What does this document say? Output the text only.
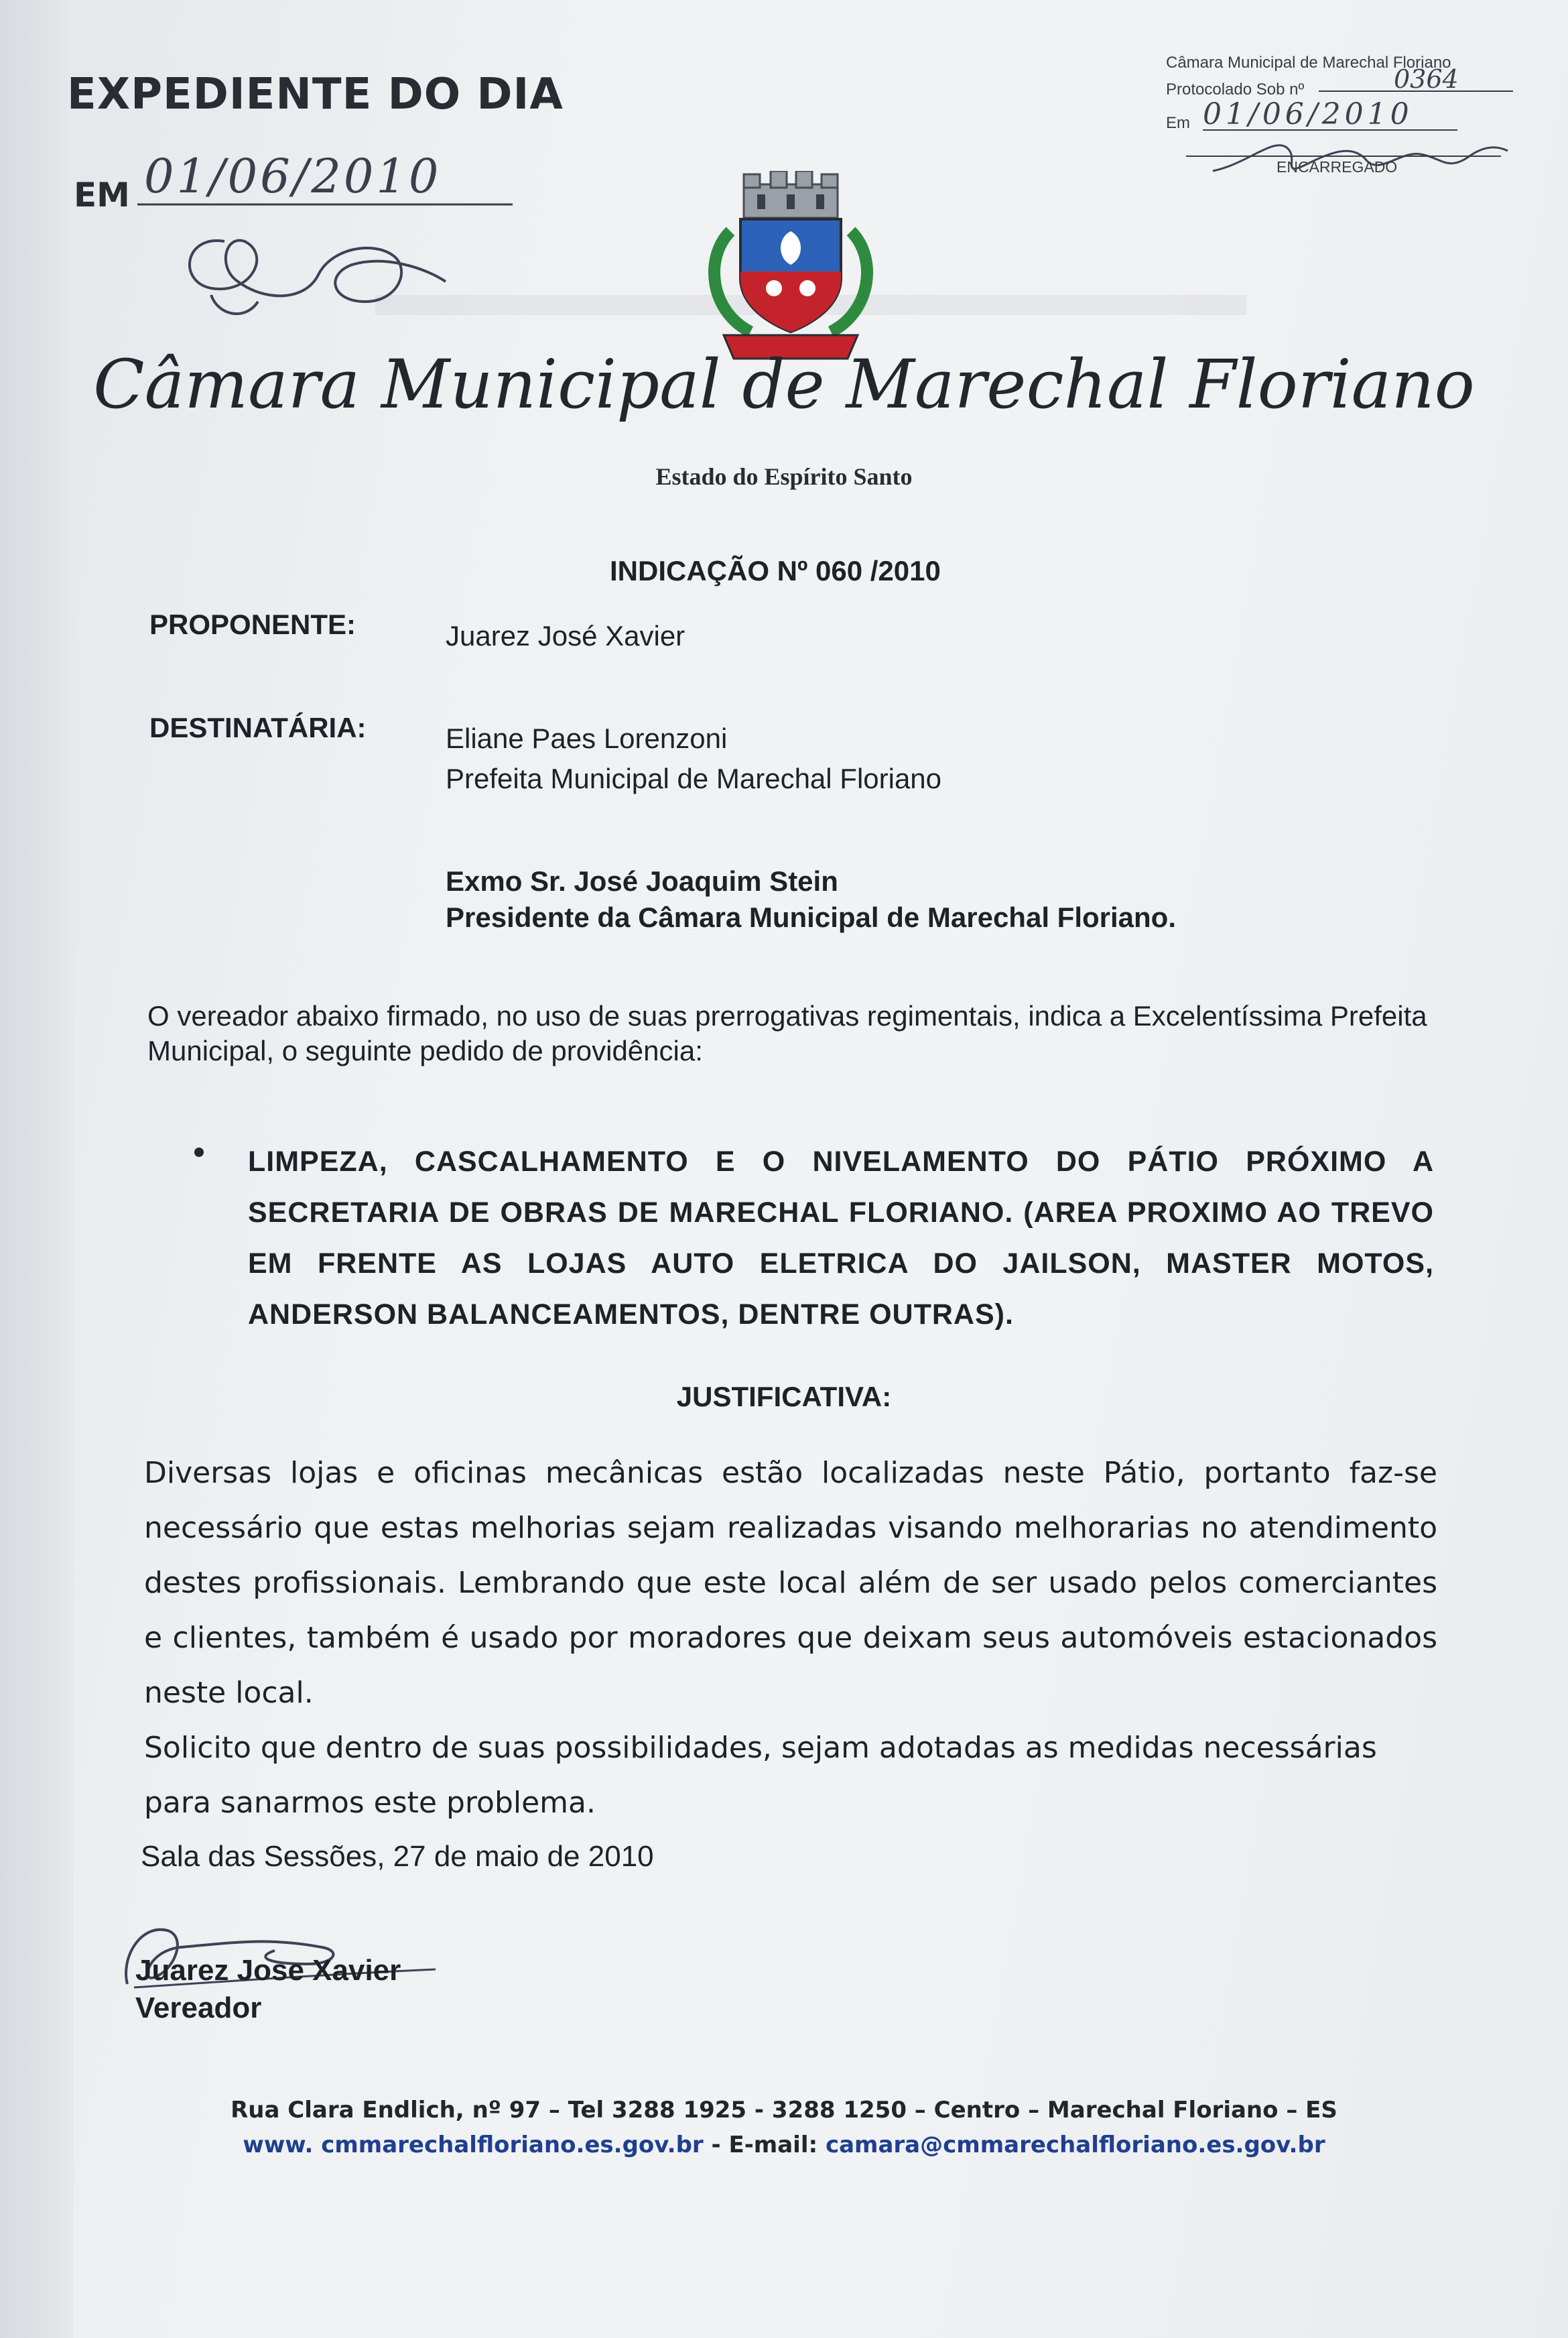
EXPEDIENTE DO DIA
EM 01/06/2010
Câmara Municipal de Marechal Floriano
Protocolado Sob nº	0364
Em 01/06/2010
ENCARREGADO
Câmara Municipal de Marechal Floriano
Estado do Espírito Santo
INDICAÇÃO Nº 060 /2010
PROPONENTE:	Juarez José Xavier
DESTINATÁRIA:	Eliane Paes Lorenzoni
Prefeita Municipal de Marechal Floriano
Exmo Sr. José Joaquim Stein
Presidente da Câmara Municipal de Marechal Floriano.
O vereador abaixo firmado, no uso de suas prerrogativas regimentais, indica a Excelentíssima Prefeita Municipal, o seguinte pedido de providência:
LIMPEZA, CASCALHAMENTO E O NIVELAMENTO DO PÁTIO PRÓXIMO A SECRETARIA DE OBRAS DE MARECHAL FLORIANO. (AREA PROXIMO AO TREVO EM FRENTE AS LOJAS AUTO ELETRICA DO JAILSON, MASTER MOTOS, ANDERSON BALANCEAMENTOS, DENTRE OUTRAS).
JUSTIFICATIVA:

Diversas lojas e oficinas mecânicas estão localizadas neste Pátio, portanto faz-se necessário que estas melhorias sejam realizadas visando melhorarias no atendimento destes profissionais. Lembrando que este local além de ser usado pelos comerciantes e clientes, também é usado por moradores que deixam seus automóveis estacionados neste local.

Solicito que dentro de suas possibilidades, sejam adotadas as medidas necessárias para sanarmos este problema.

Sala das Sessões, 27 de maio de 2010
Juarez Jose Xavier
Vereador
Rua Clara Endlich, nº 97 – Tel 3288 1925 - 3288 1250 – Centro – Marechal Floriano – ES
www. cmmarechalfloriano.es.gov.br - E-mail: camara@cmmarechalfloriano.es.gov.br
